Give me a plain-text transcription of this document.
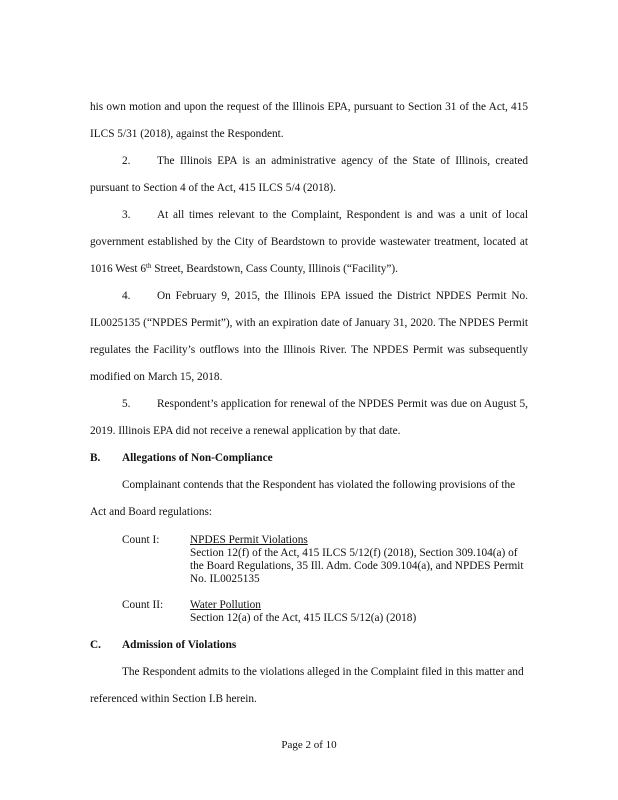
his own motion and upon the request of the Illinois EPA, pursuant to Section 31 of the Act, 415
ILCS 5/31 (2018), against the Respondent.
2. The Illinois EPA is an administrative agency of the State of Illinois, created
pursuant to Section 4 of the Act, 415 ILCS 5/4 (2018).
3. At all times relevant to the Complaint, Respondent is and was a unit of local
government established by the City of Beardstown to provide wastewater treatment, located at
1016 West 6th Street, Beardstown, Cass County, Illinois (“Facility”).
4. On February 9, 2015, the Illinois EPA issued the District NPDES Permit No.
IL0025135 (“NPDES Permit”), with an expiration date of January 31, 2020. The NPDES Permit
regulates the Facility’s outflows into the Illinois River. The NPDES Permit was subsequently
modified on March 15, 2018.
5. Respondent’s application for renewal of the NPDES Permit was due on August 5,
2019. Illinois EPA did not receive a renewal application by that date.
B. Allegations of Non-Compliance
Complainant contends that the Respondent has violated the following provisions of the
Act and Board regulations:
Count I:	NPDES Permit Violations
Section 12(f) of the Act, 415 ILCS 5/12(f) (2018), Section 309.104(a) of
the Board Regulations, 35 Ill. Adm. Code 309.104(a), and NPDES Permit
No. IL0025135
Count II: Water Pollution
Section 12(a) of the Act, 415 ILCS 5/12(a) (2018)
C. Admission of Violations
The Respondent admits to the violations alleged in the Complaint filed in this matter and
referenced within Section I.B herein.
Page 2 of 10
